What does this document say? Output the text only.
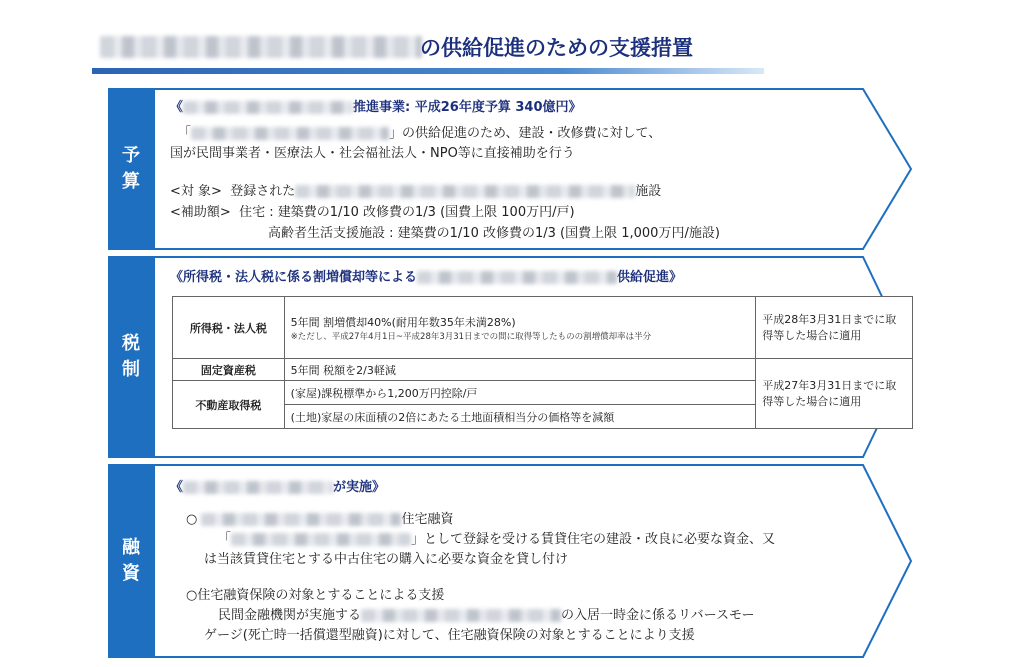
の供給促進のための支援措置
予
算
《	推進事業: 平成26年度予算 340億円》
「	」の供給促進のため、建設・改修費に対して、
国が民間事業者・医療法人・社会福祉法人・NPO等に直接補助を行う
<対 象> 登録された	施設
<補助額> 住宅 : 建築費の1/10 改修費の1/3 (国費上限 100万円/戸)
高齢者生活支援施設 : 建築費の1/10 改修費の1/3 (国費上限 1,000万円/施設)
税
制
《所得税・法人税に係る割増償却等による	供給促進》
所得税・法人税	5年間 割増償却40%(耐用年数35年未満28%)
※ただし、平成27年4月1日~平成28年3月31日までの間に取得等したものの割増償却率は半分	平成28年3月31日までに取得等した場合に適用
固定資産税	5年間 税額を2/3軽減	平成27年3月31日までに取得等した場合に適用
不動産取得税	(家屋)課税標準から1,200万円控除/戸	
	(土地)家屋の床面積の2倍にあたる土地面積相当分の価格等を減額	
融
資
《	が実施》
○	住宅融資
「	」として登録を受ける賃貸住宅の建設・改良に必要な資金、又
は当該賃貸住宅とする中古住宅の購入に必要な資金を貸し付け
○住宅融資保険の対象とすることによる支援
民間金融機関が実施する	の入居一時金に係るリバースモー
ゲージ(死亡時一括償還型融資)に対して、住宅融資保険の対象とすることにより支援
